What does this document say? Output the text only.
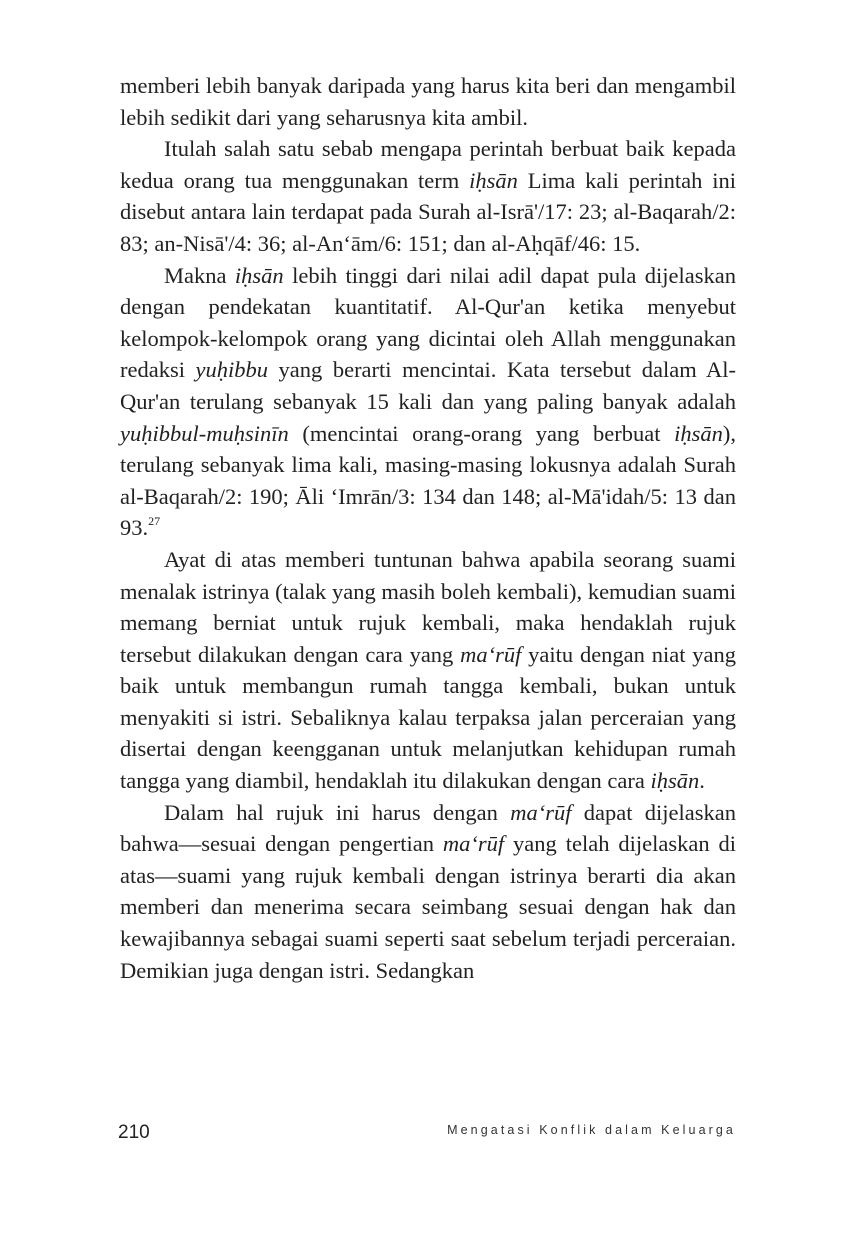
memberi lebih banyak daripada yang harus kita beri dan mengambil lebih sedikit dari yang seharusnya kita ambil.

Itulah salah satu sebab mengapa perintah berbuat baik kepada kedua orang tua menggunakan term iḥsān Lima kali perintah ini disebut antara lain terdapat pada Surah al-Isrā'/17: 23; al-Baqarah/2: 83; an-Nisā'/4: 36; al-An‘ām/6: 151; dan al-Aḥqāf/46: 15.

Makna iḥsān lebih tinggi dari nilai adil dapat pula dijelaskan dengan pendekatan kuantitatif. Al-Qur'an ketika menyebut kelompok-kelompok orang yang dicintai oleh Allah menggunakan redaksi yuḥibbu yang berarti mencintai. Kata tersebut dalam Al-Qur'an terulang sebanyak 15 kali dan yang paling banyak adalah yuḥibbul-muḥsinīn (mencintai orang-orang yang berbuat iḥsān), terulang sebanyak lima kali, masing-masing lokusnya adalah Surah al-Baqarah/2: 190; Āli ‘Imrān/3: 134 dan 148; al-Mā'idah/5: 13 dan 93.27

Ayat di atas memberi tuntunan bahwa apabila seorang suami menalak istrinya (talak yang masih boleh kembali), kemudian suami memang berniat untuk rujuk kembali, maka hendaklah rujuk tersebut dilakukan dengan cara yang ma‘rūf yaitu dengan niat yang baik untuk membangun rumah tangga kembali, bukan untuk menyakiti si istri. Sebaliknya kalau terpaksa jalan perceraian yang disertai dengan keengganan untuk melanjutkan kehidupan rumah tangga yang diambil, hendaklah itu dilakukan dengan cara iḥsān.

Dalam hal rujuk ini harus dengan ma‘rūf dapat dijelaskan bahwa—sesuai dengan pengertian ma‘rūf yang telah dijelaskan di atas—suami yang rujuk kembali dengan istrinya berarti dia akan memberi dan menerima secara seimbang sesuai dengan hak dan kewajibannya sebagai suami seperti saat sebelum terjadi perceraian. Demikian juga dengan istri. Sedangkan

210	Mengatasi Konflik dalam Keluarga
